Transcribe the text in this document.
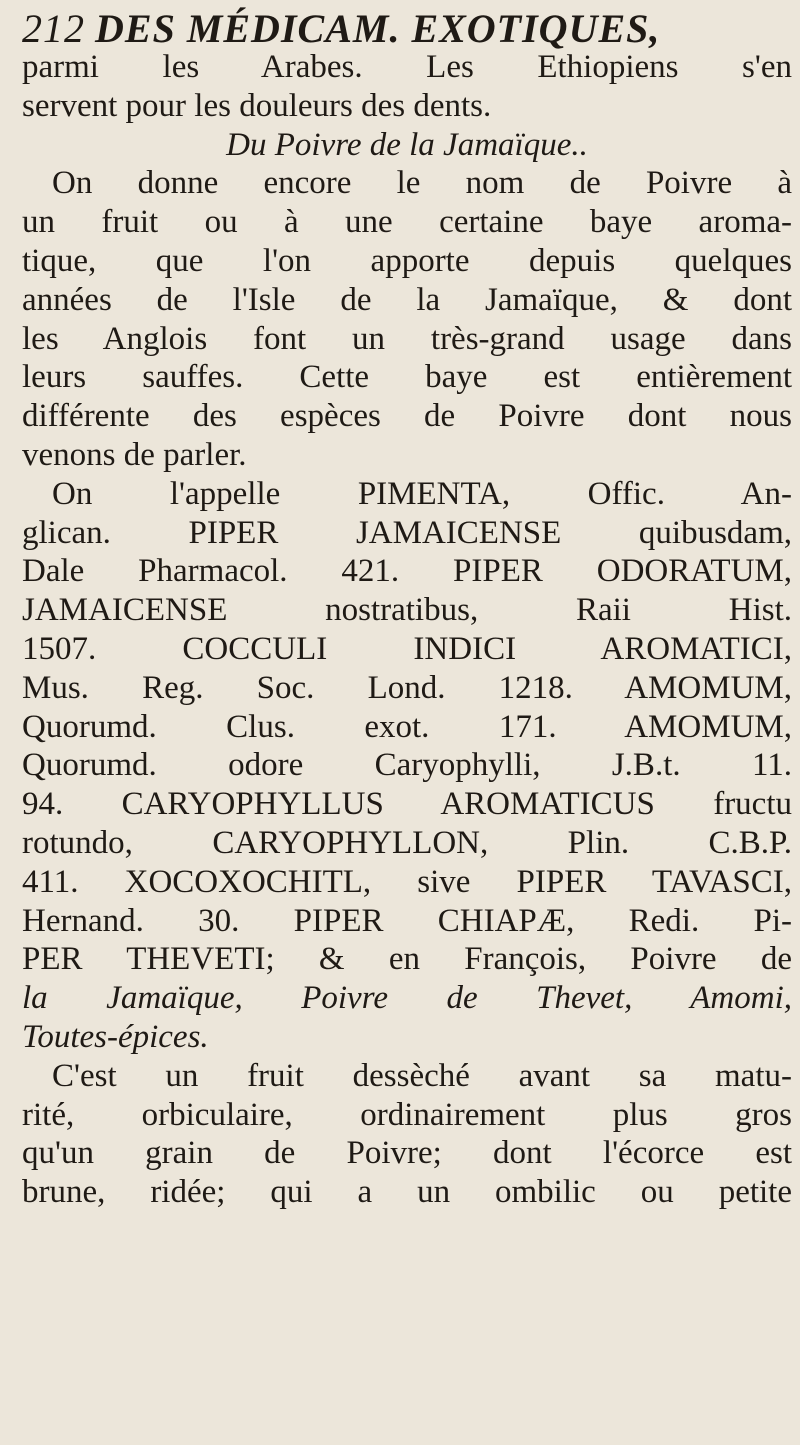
212 DES MÉDICAM. EXOTIQUES,
parmi les Arabes. Les Ethiopiens s'en
servent pour les douleurs des dents.
Du Poivre de la Jamaïque..
On donne encore le nom de Poivre à
un fruit ou à une certaine baye aroma-
tique, que l'on apporte depuis quelques
années de l'Isle de la Jamaïque, & dont
les Anglois font un très-grand usage dans
leurs sauffes. Cette baye est entièrement
différente des espèces de Poivre dont nous
venons de parler.
On l'appelle PIMENTA, Offic. An-
glican. PIPER JAMAICENSE quibusdam,
Dale Pharmacol. 421. PIPER ODORATUM,
JAMAICENSE nostratibus, Raii Hist.
1507. COCCULI INDICI AROMATICI,
Mus. Reg. Soc. Lond. 1218. AMOMUM,
Quorumd. Clus. exot. 171. AMOMUM,
Quorumd. odore Caryophylli, J.B.t. 11.
94. CARYOPHYLLUS AROMATICUS fructu
rotundo, CARYOPHYLLON, Plin. C.B.P.
411. XOCOXOCHITL, sive PIPER TAVASCI,
Hernand. 30. PIPER CHIAPÆ, Redi. Pi-
PER THEVETI; & en François, Poivre de
la Jamaïque, Poivre de Thevet, Amomi,
Toutes-épices.
C'est un fruit dessèché avant sa matu-
rité, orbiculaire, ordinairement plus gros
qu'un grain de Poivre; dont l'écorce est
brune, ridée; qui a un ombilic ou petite
